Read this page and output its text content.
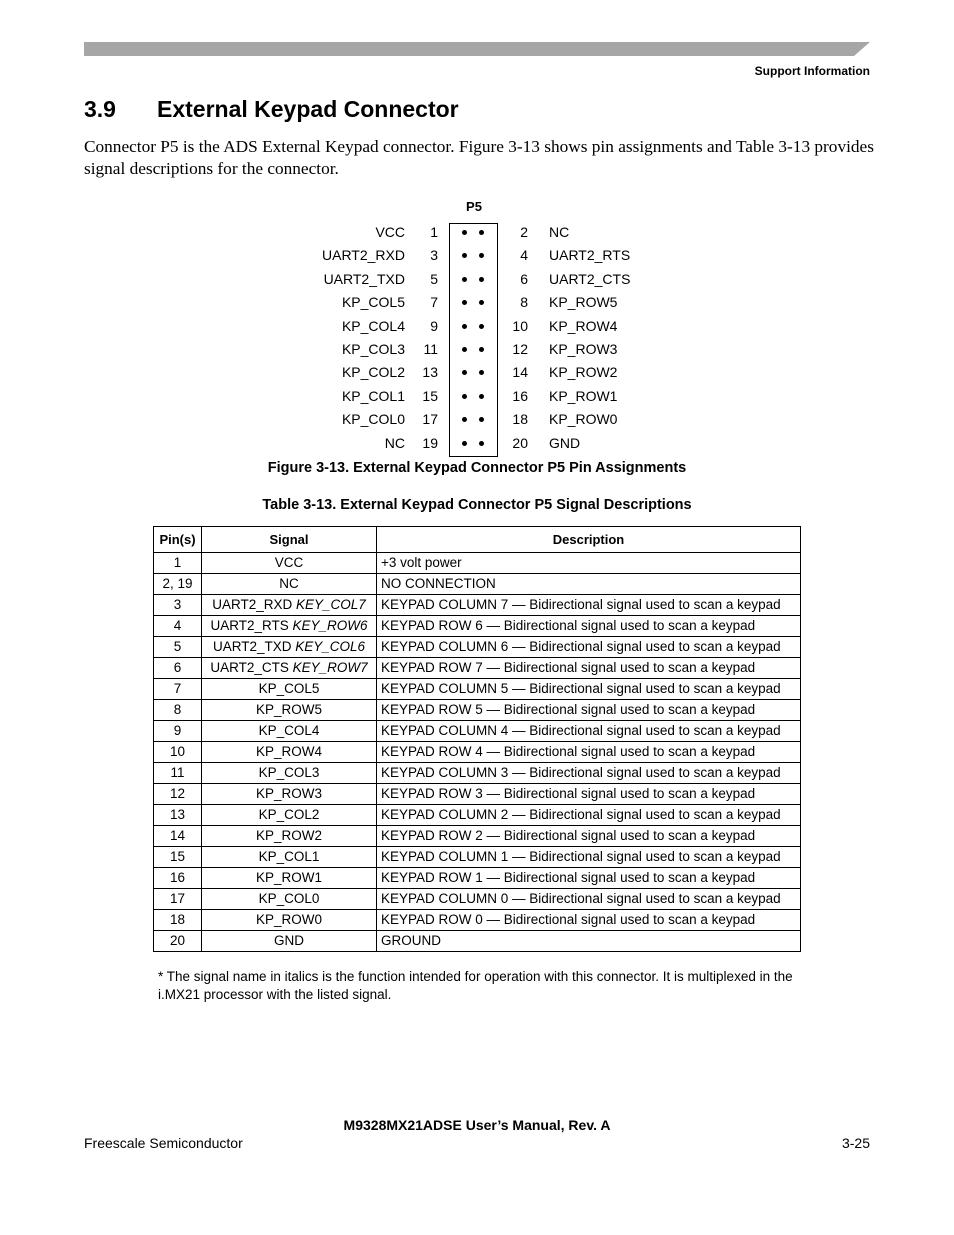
Support Information
3.9 External Keypad Connector
Connector P5 is the ADS External Keypad connector. Figure 3-13 shows pin assignments and Table 3-13 provides signal descriptions for the connector.
P5
VCC	1	2 NC
UART2_RXD	3	4 UART2_RTS
UART2_TXD	5	6 UART2_CTS
KP_COL5	7	8 KP_ROW5
KP_COL4	9	10 KP_ROW4
KP_COL3 11	12 KP_ROW3
KP_COL2 13	14 KP_ROW2
KP_COL1 15	16 KP_ROW1
KP_COL0 17	18 KP_ROW0
NC 19	20 GND
Figure 3-13. External Keypad Connector P5 Pin Assignments
Table 3-13. External Keypad Connector P5 Signal Descriptions
Pin(s)	Signal	Description
1	VCC	+3 volt power
2, 19	NC	NO CONNECTION
3	UART2_RXD KEY_COL7	KEYPAD COLUMN 7 — Bidirectional signal used to scan a keypad
4	UART2_RTS KEY_ROW6	KEYPAD ROW 6 — Bidirectional signal used to scan a keypad
5	UART2_TXD KEY_COL6	KEYPAD COLUMN 6 — Bidirectional signal used to scan a keypad
6	UART2_CTS KEY_ROW7	KEYPAD ROW 7 — Bidirectional signal used to scan a keypad
7	KP_COL5	KEYPAD COLUMN 5 — Bidirectional signal used to scan a keypad
8	KP_ROW5	KEYPAD ROW 5 — Bidirectional signal used to scan a keypad
9	KP_COL4	KEYPAD COLUMN 4 — Bidirectional signal used to scan a keypad
10	KP_ROW4	KEYPAD ROW 4 — Bidirectional signal used to scan a keypad
11	KP_COL3	KEYPAD COLUMN 3 — Bidirectional signal used to scan a keypad
12	KP_ROW3	KEYPAD ROW 3 — Bidirectional signal used to scan a keypad
13	KP_COL2	KEYPAD COLUMN 2 — Bidirectional signal used to scan a keypad
14	KP_ROW2	KEYPAD ROW 2 — Bidirectional signal used to scan a keypad
15	KP_COL1	KEYPAD COLUMN 1 — Bidirectional signal used to scan a keypad
16	KP_ROW1	KEYPAD ROW 1 — Bidirectional signal used to scan a keypad
17	KP_COL0	KEYPAD COLUMN 0 — Bidirectional signal used to scan a keypad
18	KP_ROW0	KEYPAD ROW 0 — Bidirectional signal used to scan a keypad
20	GND	GROUND
* The signal name in italics is the function intended for operation with this connector. It is multiplexed in the i.MX21 processor with the listed signal.
M9328MX21ADSE User’s Manual, Rev. A
Freescale Semiconductor	3-25
